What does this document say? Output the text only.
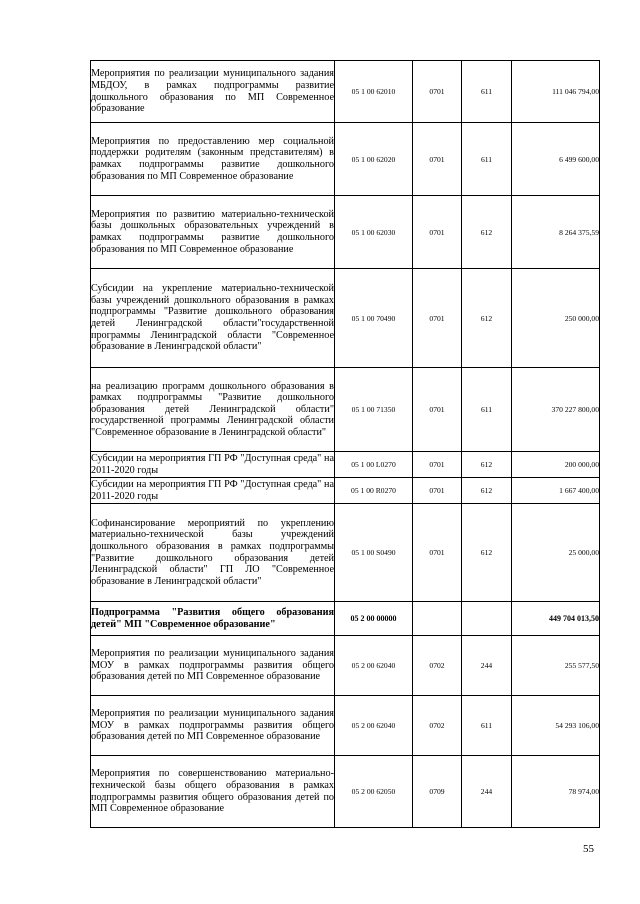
Мероприятия по реализации муниципального задания МБДОУ, в рамках подпрограммы развитие дошкольного образования по МП Современное образование	05 1 00 62010	0701	611	111 046 794,00
Мероприятия по предоставлению мер социальной поддержки родителям (законным представителям) в рамках подпрограммы развитие дошкольного образования по МП Современное образование	05 1 00 62020	0701	611	6 499 600,00
Мероприятия по развитию материально-технической базы дошкольных образовательных учреждений в рамках подпрограммы развитие дошкольного образования по МП Современное образование	05 1 00 62030	0701	612	8 264 375,59
Субсидии на укрепление материально-технической базы учреждений дошкольного образования в рамках подпрограммы "Развитие дошкольного образования детей Ленинградской области"государственной программы Ленинградской области "Современное образование в Ленинградской области"	05 1 00 70490	0701	612	250 000,00
на реализацию программ дошкольного образования в рамках подпрограммы "Развитие дошкольного образования детей Ленинградской области" государственной программы Ленинградской области "Современное образование в Ленинградской области"	05 1 00 71350	0701	611	370 227 800,00
Субсидии на мероприятия ГП РФ "Доступная среда" на 2011-2020 годы	05 1 00 L0270	0701	612	200 000,00
Субсидии на мероприятия ГП РФ "Доступная среда" на 2011-2020 годы	05 1 00 R0270	0701	612	1 667 400,00
Софинансирование мероприятий по укреплению материально-технической базы учреждений дошкольного образования в рамках подпрограммы "Развитие дошкольного образования детей Ленинградской области" ГП ЛО "Современное образование в Ленинградской области"	05 1 00 S0490	0701	612	25 000,00
Подпрограмма "Развития общего образования детей" МП "Современное образование"	05 2 00 00000			449 704 013,50
Мероприятия по реализации муниципального задания МОУ в рамках подпрограммы развития общего образования детей по МП Современное образование	05 2 00 62040	0702	244	255 577,50
Мероприятия по реализации муниципального задания МОУ в рамках подпрограммы развития общего образования детей по МП Современное образование	05 2 00 62040	0702	611	54 293 106,00
Мероприятия по совершенствованию материально-технической базы общего образования в рамках подпрограммы развития общего образования детей по МП Современное образование	05 2 00 62050	0709	244	78 974,00
55
